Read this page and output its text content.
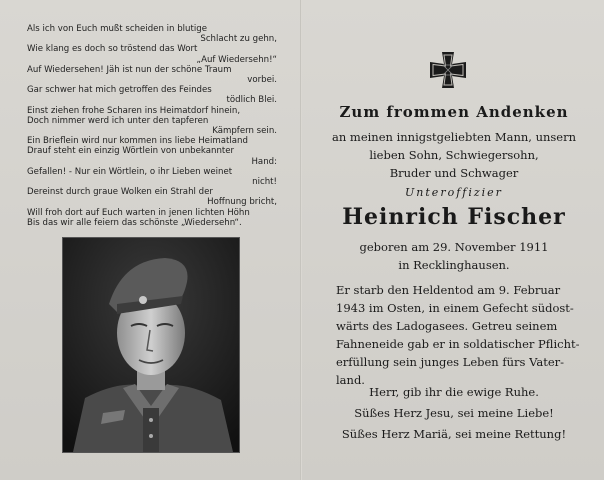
Als ich von Euch mußt scheiden in blutige
Schlacht zu gehn,
Wie klang es doch so tröstend das Wort
„Auf Wiedersehn!“
Auf Wiedersehen! Jäh ist nun der schöne Traum
vorbei.
Gar schwer hat mich getroffen des Feindes
tödlich Blei.
Einst ziehen frohe Scharen ins Heimatdorf hinein,
Doch nimmer werd ich unter den tapferen
Kämpfern sein.
Ein Brieflein wird nur kommen ins liebe Heimatland
Drauf steht ein einzig Wörtlein von unbekannter
Hand:
Gefallen! - Nur ein Wörtlein, o ihr Lieben weinet
nicht!
Dereinst durch graue Wolken ein Strahl der
Hoffnung bricht,
Will froh dort auf Euch warten in jenen lichten Höhn
Bis das wir alle feiern das schönste „Wiedersehn“.
Zum frommen Andenken
an meinen innigstgeliebten Mann, unsern
lieben Sohn, Schwiegersohn,
Bruder und Schwager
Unteroffizier
Heinrich Fischer
geboren am 29. November 1911
in Recklinghausen.
Er starb den Heldentod am 9. Februar
1943 im Osten, in einem Gefecht südost-
wärts des Ladogasees. Getreu seinem
Fahneneide gab er in soldatischer Pflicht-
erfüllung sein junges Leben fürs Vater-
land.
Herr, gib ihr die ewige Ruhe.
Süßes Herz Jesu, sei meine Liebe!
Süßes Herz Mariä, sei meine Rettung!
